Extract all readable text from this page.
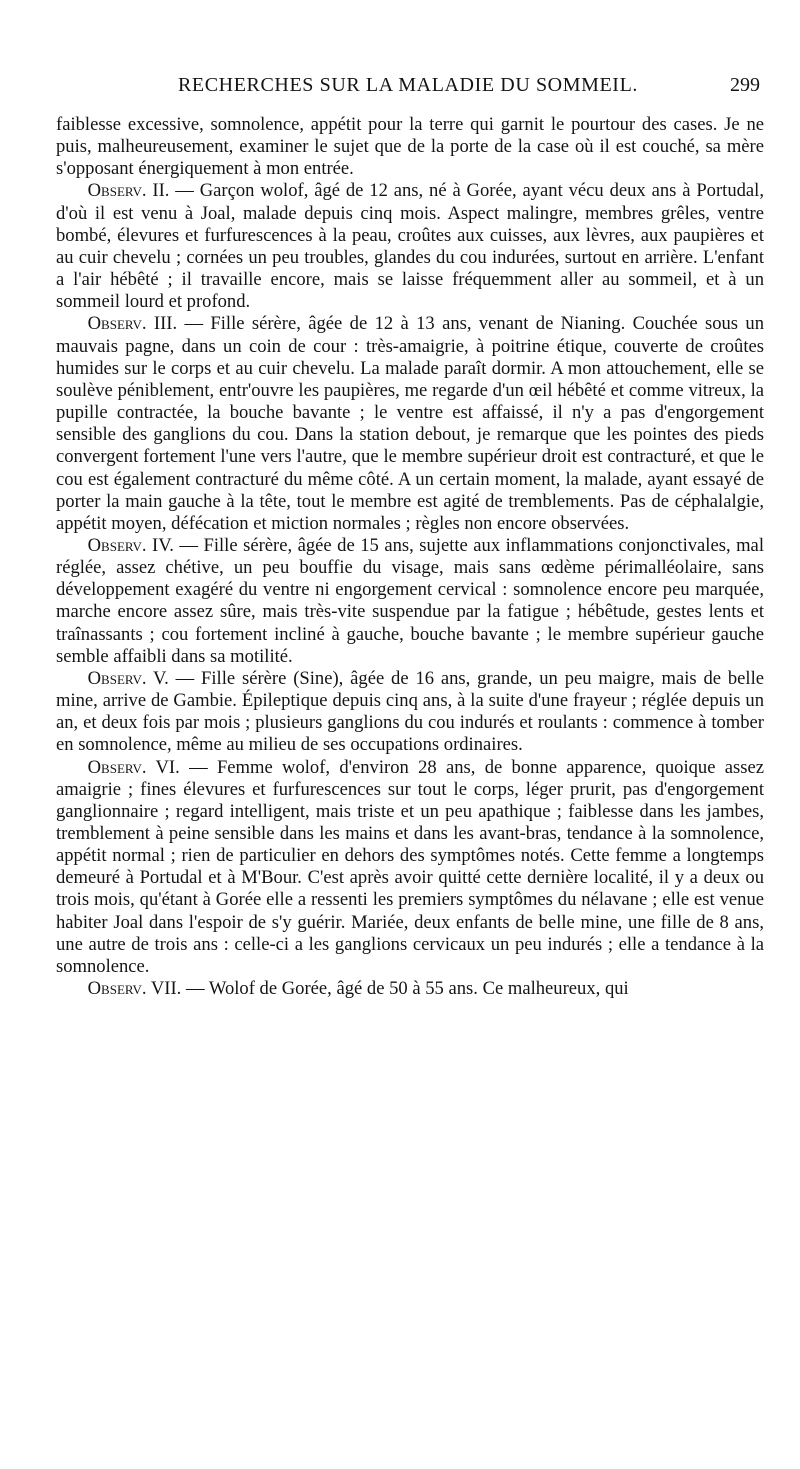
RECHERCHES SUR LA MALADIE DU SOMMEIL.	299

faiblesse excessive, somnolence, appétit pour la terre qui garnit le pourtour des cases. Je ne puis, malheureusement, examiner le sujet que de la porte de la case où il est couché, sa mère s'opposant énergiquement à mon entrée.

Observ. II. — Garçon wolof, âgé de 12 ans, né à Gorée, ayant vécu deux ans à Portudal, d'où il est venu à Joal, malade depuis cinq mois. Aspect malingre, membres grêles, ventre bombé, élevures et furfurescences à la peau, croûtes aux cuisses, aux lèvres, aux paupières et au cuir chevelu ; cornées un peu troubles, glandes du cou indurées, surtout en arrière. L'enfant a l'air hébêté ; il travaille encore, mais se laisse fréquemment aller au sommeil, et à un sommeil lourd et profond.

Observ. III. — Fille sérère, âgée de 12 à 13 ans, venant de Nianing. Couchée sous un mauvais pagne, dans un coin de cour : très-amaigrie, à poitrine étique, couverte de croûtes humides sur le corps et au cuir chevelu. La malade paraît dormir. A mon attouchement, elle se soulève péniblement, entr'ouvre les paupières, me regarde d'un œil hébêté et comme vitreux, la pupille contractée, la bouche bavante ; le ventre est affaissé, il n'y a pas d'engorgement sensible des ganglions du cou. Dans la station debout, je remarque que les pointes des pieds convergent fortement l'une vers l'autre, que le membre supérieur droit est contracturé, et que le cou est également contracturé du même côté. A un certain moment, la malade, ayant essayé de porter la main gauche à la tête, tout le membre est agité de tremblements. Pas de céphalalgie, appétit moyen, défécation et miction normales ; règles non encore observées.

Observ. IV. — Fille sérère, âgée de 15 ans, sujette aux inflammations conjonctivales, mal réglée, assez chétive, un peu bouffie du visage, mais sans œdème périmalléolaire, sans développement exagéré du ventre ni engorgement cervical : somnolence encore peu marquée, marche encore assez sûre, mais très-vite suspendue par la fatigue ; hébêtude, gestes lents et traînassants ; cou fortement incliné à gauche, bouche bavante ; le membre supérieur gauche semble affaibli dans sa motilité.

Observ. V. — Fille sérère (Sine), âgée de 16 ans, grande, un peu maigre, mais de belle mine, arrive de Gambie. Épileptique depuis cinq ans, à la suite d'une frayeur ; réglée depuis un an, et deux fois par mois ; plusieurs ganglions du cou indurés et roulants : commence à tomber en somnolence, même au milieu de ses occupations ordinaires.

Observ. VI. — Femme wolof, d'environ 28 ans, de bonne apparence, quoique assez amaigrie ; fines élevures et furfurescences sur tout le corps, léger prurit, pas d'engorgement ganglionnaire ; regard intelligent, mais triste et un peu apathique ; faiblesse dans les jambes, tremblement à peine sensible dans les mains et dans les avant-bras, tendance à la somnolence, appétit normal ; rien de particulier en dehors des symptômes notés. Cette femme a longtemps demeuré à Portudal et à M'Bour. C'est après avoir quitté cette dernière localité, il y a deux ou trois mois, qu'étant à Gorée elle a ressenti les premiers symptômes du nélavane ; elle est venue habiter Joal dans l'espoir de s'y guérir. Mariée, deux enfants de belle mine, une fille de 8 ans, une autre de trois ans : celle-ci a les ganglions cervicaux un peu indurés ; elle a tendance à la somnolence.

Observ. VII. — Wolof de Gorée, âgé de 50 à 55 ans. Ce malheureux, qui
